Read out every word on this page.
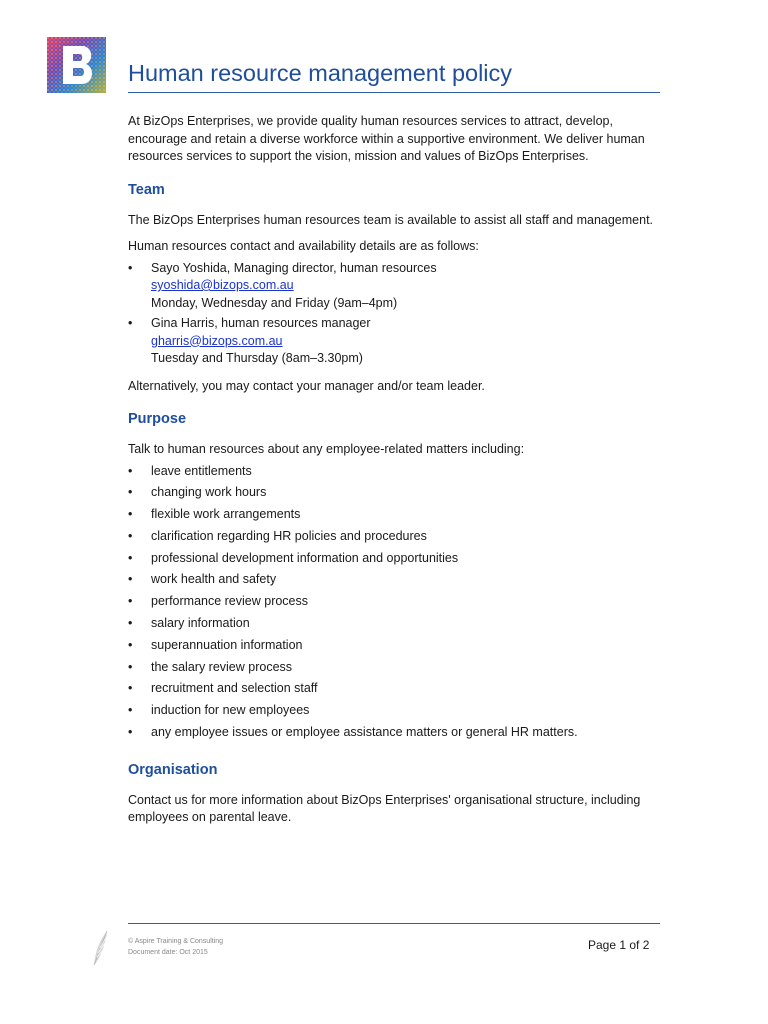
Human resource management policy

At BizOps Enterprises, we provide quality human resources services to attract, develop, encourage and retain a diverse workforce within a supportive environment. We deliver human resources services to support the vision, mission and values of BizOps Enterprises.

Team

The BizOps Enterprises human resources team is available to assist all staff and management.

Human resources contact and availability details are as follows:

• Sayo Yoshida, Managing director, human resources
syoshida@bizops.com.au
Monday, Wednesday and Friday (9am–4pm)
• Gina Harris, human resources manager
gharris@bizops.com.au
Tuesday and Thursday (8am–3.30pm)

Alternatively, you may contact your manager and/or team leader.

Purpose

Talk to human resources about any employee-related matters including:

• leave entitlements
• changing work hours
• flexible work arrangements
• clarification regarding HR policies and procedures
• professional development information and opportunities
• work health and safety
• performance review process
• salary information
• superannuation information
• the salary review process
• recruitment and selection staff
• induction for new employees
• any employee issues or employee assistance matters or general HR matters.
Organisation

Contact us for more information about BizOps Enterprises' organisational structure, including employees on parental leave.

© Aspire Training & Consulting
Document date: Oct 2015
Page 1 of 2
